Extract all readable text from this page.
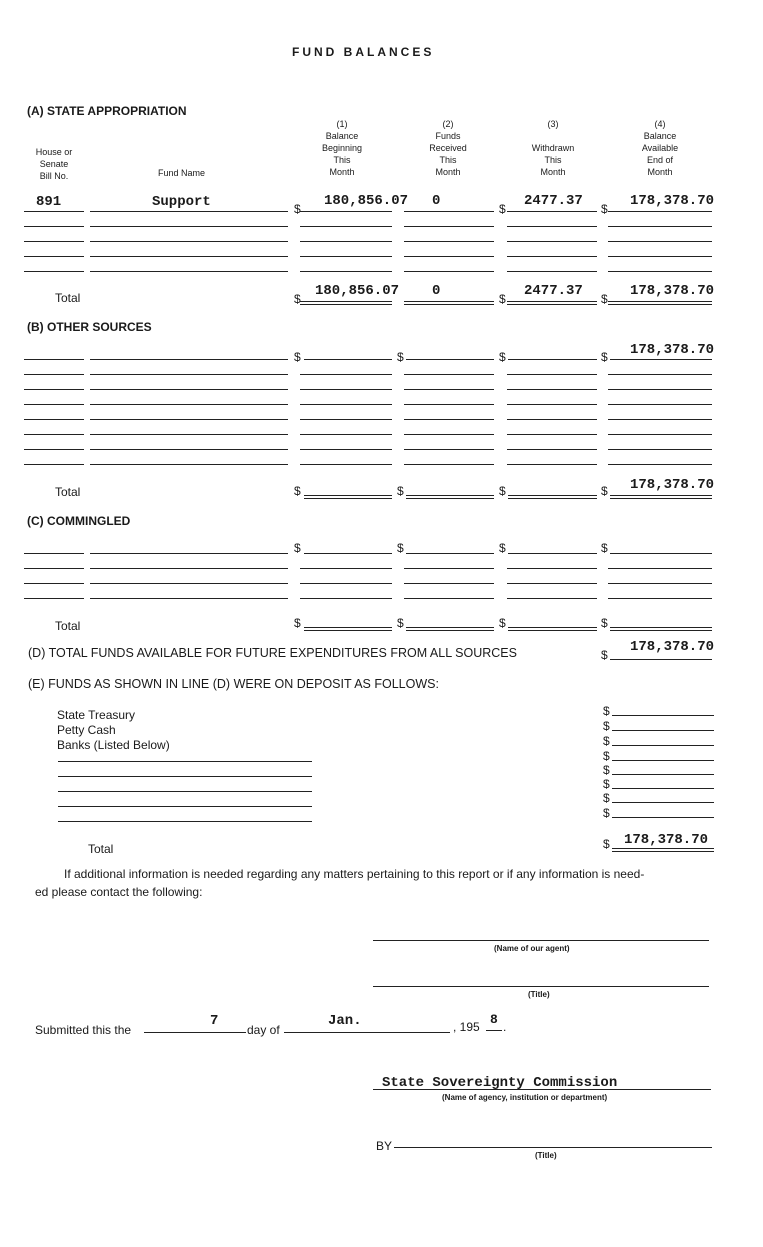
FUND BALANCES
(A) STATE APPROPRIATION
House or
Senate
Bill No.	Fund Name
(1)
Balance
Beginning
This
Month
(2)
Funds
Received
This
Month
(3)
Withdrawn
This
Month
(4)
Balance
Available
End of
Month
891	Support	$ 180,856.07 0	$ 2477.37 $ 178,378.70
Total	$ 180,856.07 0	$ 2477.37 $ 178,378.70
(B) OTHER SOURCES
$	$	$	$ 178,378.70
Total	$	$	$	$ 178,378.70
(C) COMMINGLED
$	$	$	$
Total	$	$	$	$
(D) TOTAL FUNDS AVAILABLE FOR FUTURE EXPENDITURES FROM ALL SOURCES	$ 178,378.70
(E) FUNDS AS SHOWN IN LINE (D) WERE ON DEPOSIT AS FOLLOWS:
State Treasury
Petty Cash
Banks (Listed Below)
$
$
$
$
$
$
$
$
Total	$ 178,378.70
If additional information is needed regarding any matters pertaining to this report or if any information is need-
ed please contact the following:
(Name of our agent)
(Title)
Submitted this the
7
day of
Jan.	, 195 8 .
State Sovereignty Commission
(Name of agency, institution or department)
BY
(Title)
